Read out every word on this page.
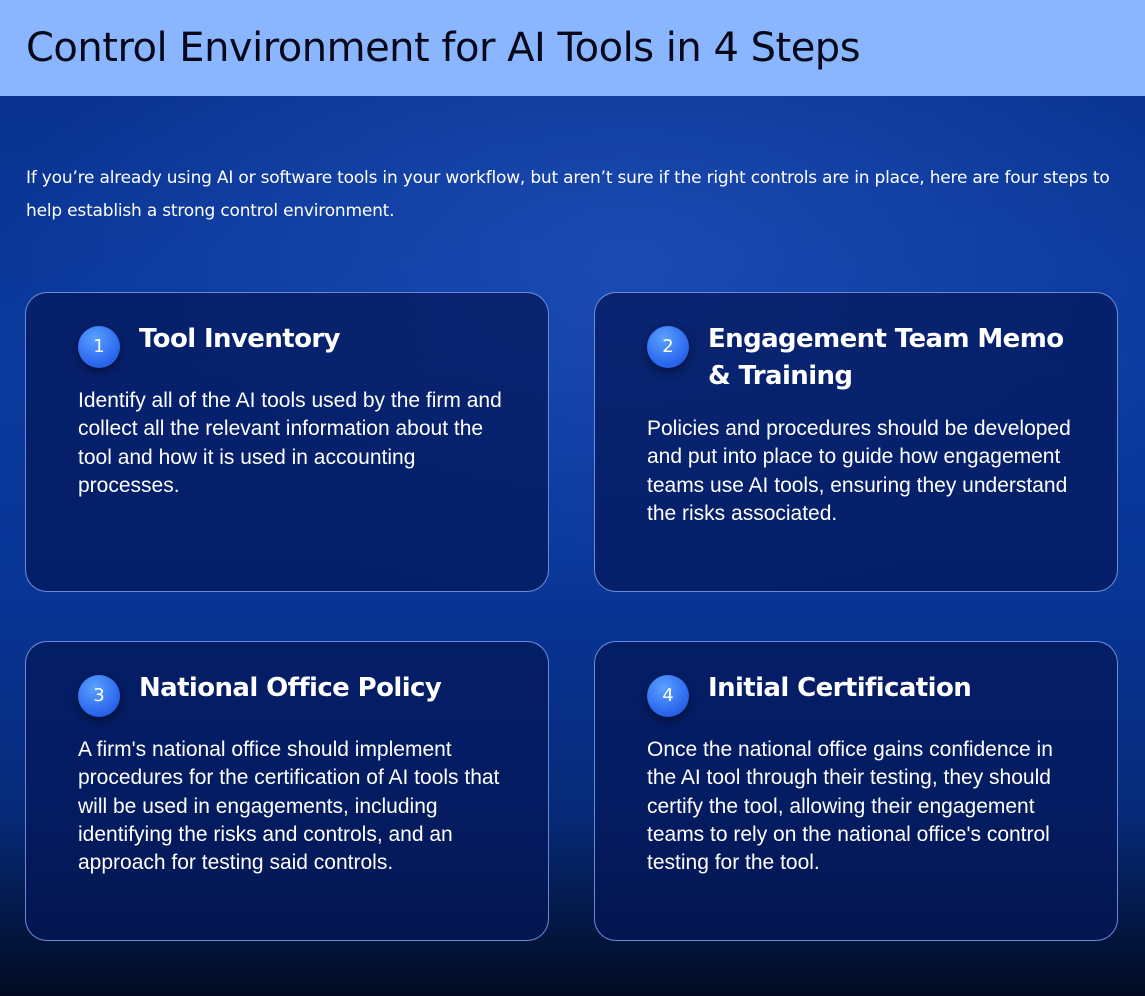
Control Environment for AI Tools in 4 Steps

If you’re already using AI or software tools in your workflow, but aren’t sure if the right controls are in place, here are four steps to help establish a strong control environment.

1	Tool Inventory

Identify all of the AI tools used by the firm and collect all the relevant information about the tool and how it is used in accounting processes.

2	Engagement Team Memo & Training

Policies and procedures should be developed and put into place to guide how engagement teams use AI tools, ensuring they understand the risks associated.

3	National Office Policy

A firm's national office should implement procedures for the certification of AI tools that will be used in engagements, including identifying the risks and controls, and an approach for testing said controls.

4	Initial Certification

Once the national office gains confidence in the AI tool through their testing, they should certify the tool, allowing their engagement teams to rely on the national office's control testing for the tool.
